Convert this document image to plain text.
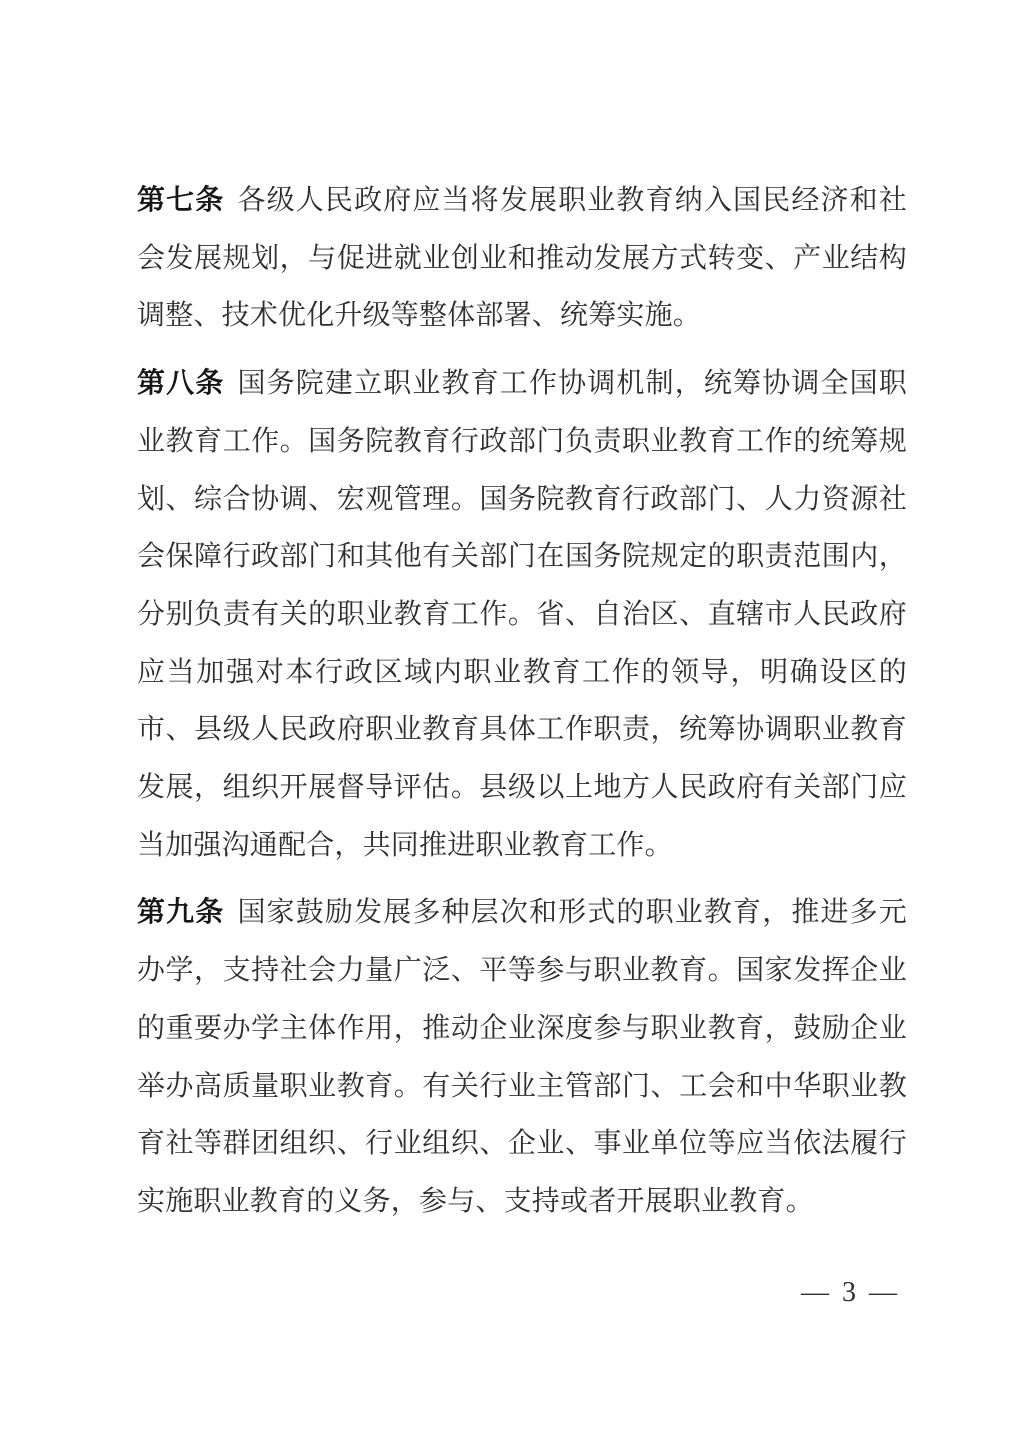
第七条 各级人民政府应当将发展职业教育纳入国民经济和社会发展规划，与促进就业创业和推动发展方式转变、产业结构调整、技术优化升级等整体部署、统筹实施。

第八条 国务院建立职业教育工作协调机制，统筹协调全国职业教育工作。国务院教育行政部门负责职业教育工作的统筹规划、综合协调、宏观管理。国务院教育行政部门、人力资源社会保障行政部门和其他有关部门在国务院规定的职责范围内，分别负责有关的职业教育工作。省、自治区、直辖市人民政府应当加强对本行政区域内职业教育工作的领导，明确设区的市、县级人民政府职业教育具体工作职责，统筹协调职业教育发展，组织开展督导评估。县级以上地方人民政府有关部门应当加强沟通配合，共同推进职业教育工作。

第九条 国家鼓励发展多种层次和形式的职业教育，推进多元办学，支持社会力量广泛、平等参与职业教育。国家发挥企业的重要办学主体作用，推动企业深度参与职业教育，鼓励企业举办高质量职业教育。有关行业主管部门、工会和中华职业教育社等群团组织、行业组织、企业、事业单位等应当依法履行实施职业教育的义务，参与、支持或者开展职业教育。

— 3 —
